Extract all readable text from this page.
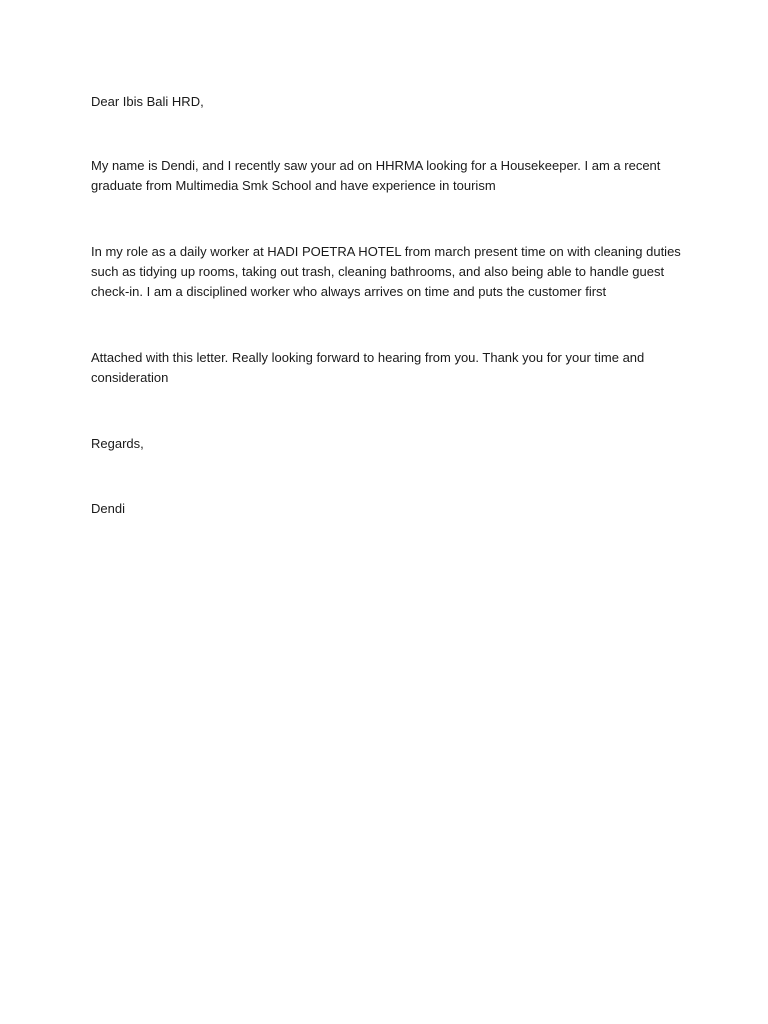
Dear Ibis Bali HRD,

My name is Dendi, and I recently saw your ad on HHRMA looking for a Housekeeper. I am a recent graduate from Multimedia Smk School and have experience in tourism

In my role as a daily worker at HADI POETRA HOTEL from march present time on with cleaning duties such as tidying up rooms, taking out trash, cleaning bathrooms, and also being able to handle guest check-in. I am a disciplined worker who always arrives on time and puts the customer first

Attached with this letter. Really looking forward to hearing from you. Thank you for your time and consideration

Regards,

Dendi
